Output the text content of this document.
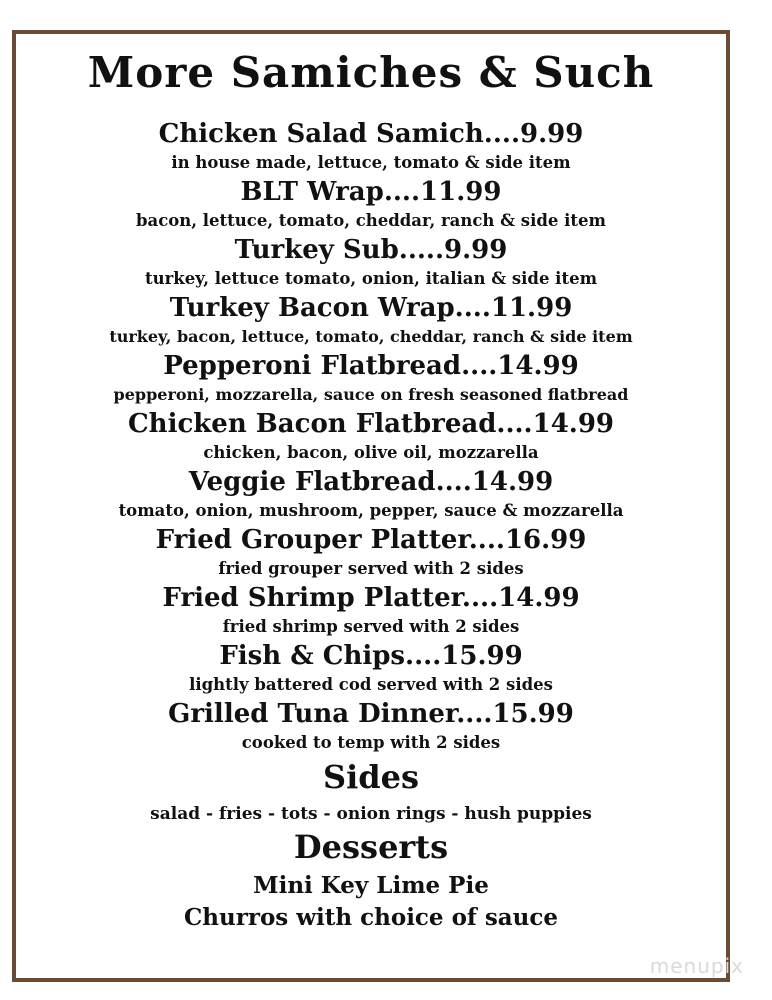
More Samiches & Such
Chicken Salad Samich....9.99
in house made, lettuce, tomato & side item
BLT Wrap....11.99
bacon, lettuce, tomato, cheddar, ranch & side item
Turkey Sub.....9.99
turkey, lettuce tomato, onion, italian & side item
Turkey Bacon Wrap....11.99
turkey, bacon, lettuce, tomato, cheddar, ranch & side item
Pepperoni Flatbread....14.99
pepperoni, mozzarella, sauce on fresh seasoned flatbread
Chicken Bacon Flatbread....14.99
chicken, bacon, olive oil, mozzarella
Veggie Flatbread....14.99
tomato, onion, mushroom, pepper, sauce & mozzarella
Fried Grouper Platter....16.99
fried grouper served with 2 sides
Fried Shrimp Platter....14.99
fried shrimp served with 2 sides
Fish & Chips....15.99
lightly battered cod served with 2 sides
Grilled Tuna Dinner....15.99
cooked to temp with 2 sides
Sides
salad - fries - tots - onion rings - hush puppies
Desserts
Mini Key Lime Pie
Churros with choice of sauce
menupix
